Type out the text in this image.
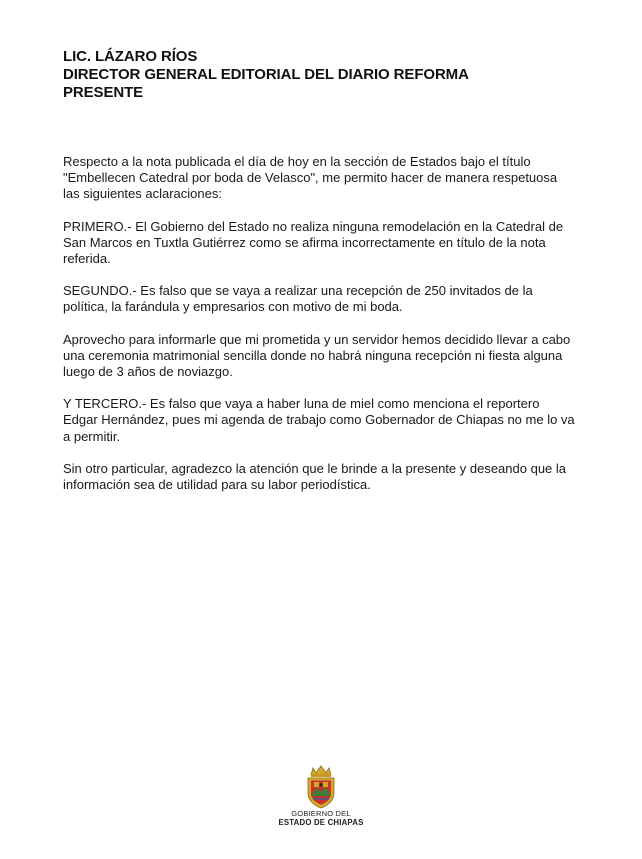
LIC. LÁZARO RÍOS
DIRECTOR GENERAL EDITORIAL DEL DIARIO REFORMA
PRESENTE

Respecto a la nota publicada el día de hoy en la sección de Estados bajo el título "Embellecen Catedral por boda de Velasco", me permito hacer de manera respetuosa las siguientes aclaraciones:

PRIMERO.- El Gobierno del Estado no realiza ninguna remodelación en la Catedral de San Marcos en Tuxtla Gutiérrez como se afirma incorrectamente en título de la nota referida.

SEGUNDO.- Es falso que se vaya a realizar una recepción de 250 invitados de la política, la farándula y empresarios con motivo de mi boda.

Aprovecho para informarle que mi prometida y un servidor hemos decidido llevar a cabo una ceremonia matrimonial sencilla donde no habrá ninguna recepción ni fiesta alguna luego de 3 años de noviazgo.

Y TERCERO.- Es falso que vaya a haber luna de miel como menciona el reportero Edgar Hernández, pues mi agenda de trabajo como Gobernador de Chiapas no me lo va a permitir.

Sin otro particular, agradezco la atención que le brinde a la presente y deseando que la información sea de utilidad para su labor periodística.

GOBIERNO DEL
ESTADO DE CHIAPAS
